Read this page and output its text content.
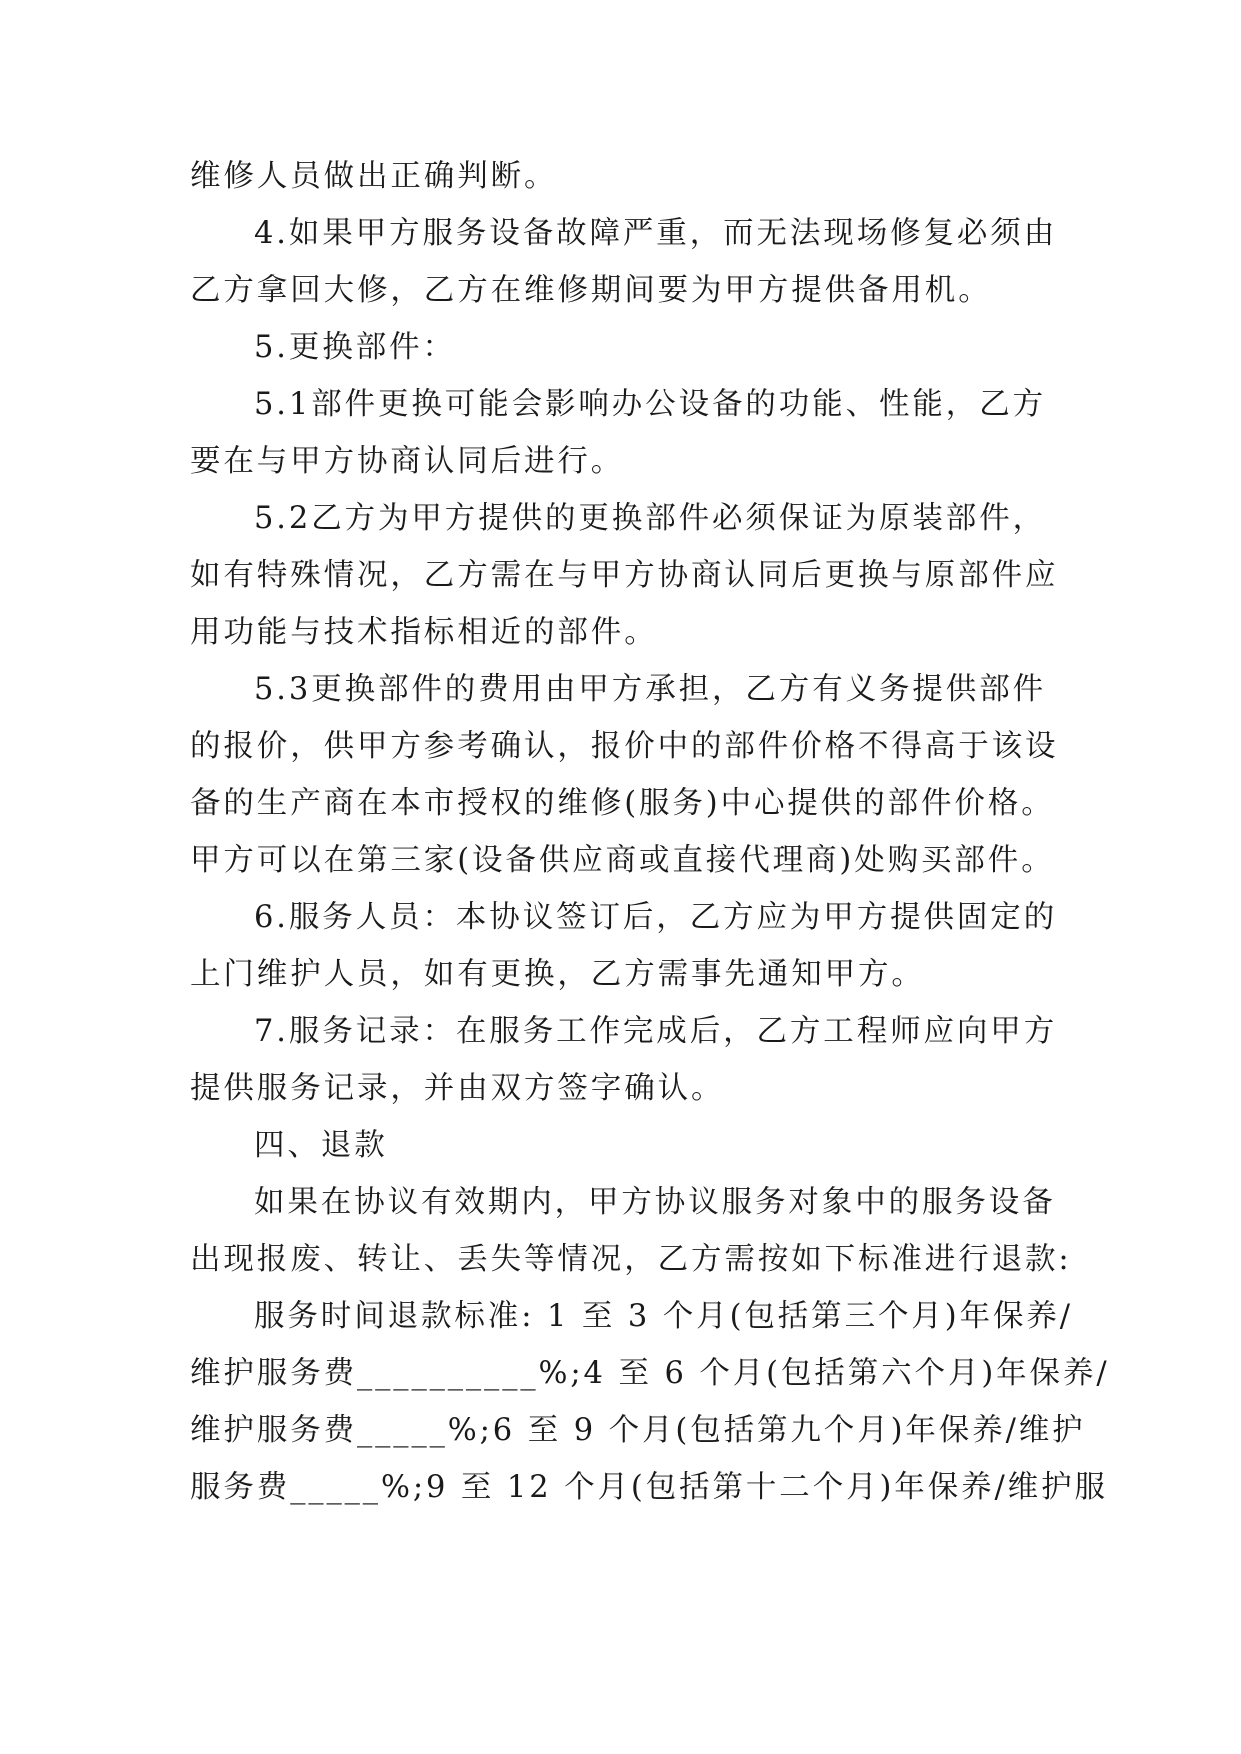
维修人员做出正确判断。

4.如果甲方服务设备故障严重，而无法现场修复必须由

乙方拿回大修，乙方在维修期间要为甲方提供备用机。

5.更换部件：

5.1部件更换可能会影响办公设备的功能、性能，乙方

要在与甲方协商认同后进行。

5.2乙方为甲方提供的更换部件必须保证为原装部件，

如有特殊情况，乙方需在与甲方协商认同后更换与原部件应

用功能与技术指标相近的部件。

5.3更换部件的费用由甲方承担，乙方有义务提供部件

的报价，供甲方参考确认，报价中的部件价格不得高于该设

备的生产商在本市授权的维修(服务)中心提供的部件价格。

甲方可以在第三家(设备供应商或直接代理商)处购买部件。

6.服务人员：本协议签订后，乙方应为甲方提供固定的

上门维护人员，如有更换，乙方需事先通知甲方。

7.服务记录：在服务工作完成后，乙方工程师应向甲方

提供服务记录，并由双方签字确认。

四、退款

如果在协议有效期内，甲方协议服务对象中的服务设备

出现报废、转让、丢失等情况，乙方需按如下标准进行退款:

服务时间退款标准: 1 至 3 个月(包括第三个月)年保养/

维护服务费__________%;4 至 6 个月(包括第六个月)年保养/

维护服务费_____%;6 至 9 个月(包括第九个月)年保养/维护

服务费_____%;9 至 12 个月(包括第十二个月)年保养/维护服
